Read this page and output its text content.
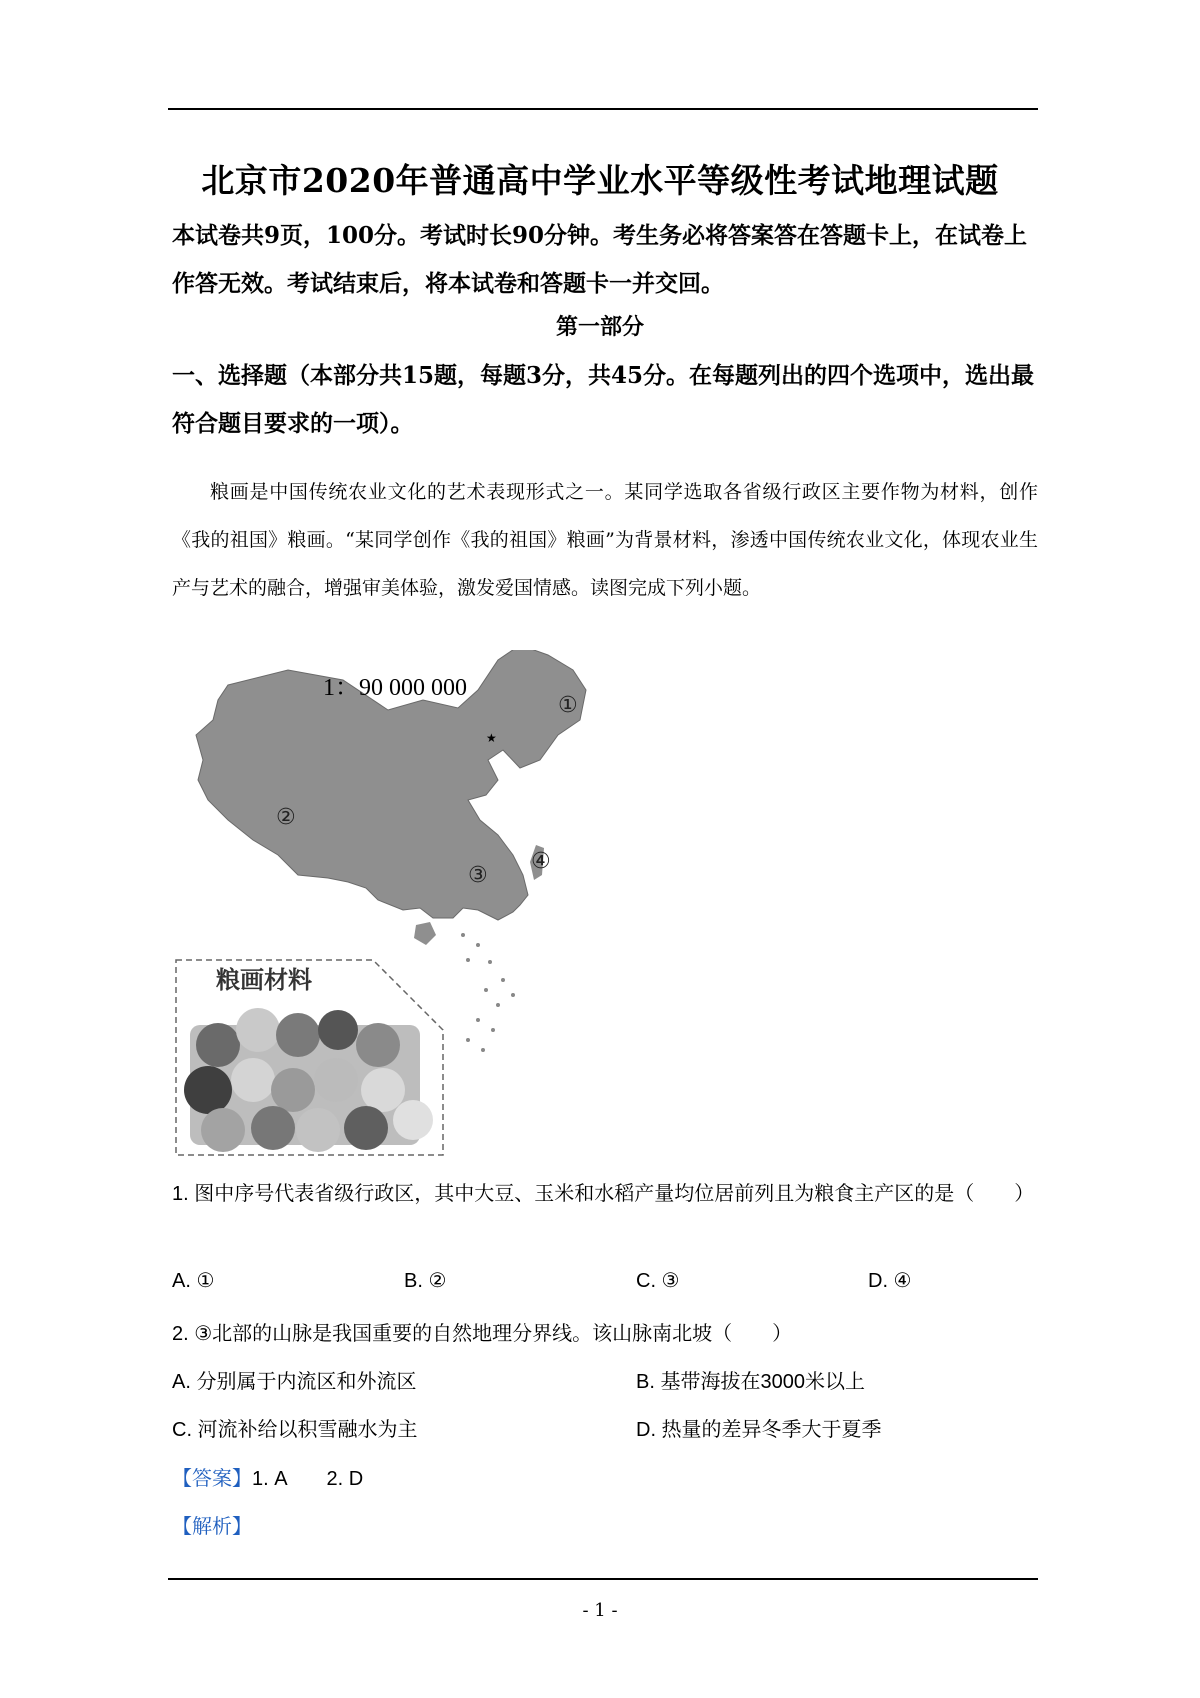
北京市2020年普通高中学业水平等级性考试地理试题
本试卷共9页，100分。考试时长90分钟。考生务必将答案答在答题卡上，在试卷上作答无效。考试结束后，将本试卷和答题卡一并交回。
第一部分
一、选择题（本部分共15题，每题3分，共45分。在每题列出的四个选项中，选出最符合题目要求的一项）。
粮画是中国传统农业文化的艺术表现形式之一。某同学选取各省级行政区主要作物为材料，创作《我的祖国》粮画。“某同学创作《我的祖国》粮画”为背景材料，渗透中国传统农业文化，体现农业生产与艺术的融合，增强审美体验，激发爱国情感。读图完成下列小题。
★
1：90 000 000
①
②
③
④
粮画材料
1. 图中序号代表省级行政区，其中大豆、玉米和水稻产量均位居前列且为粮食主产区的是（　　）
A. ①	B. ②	C. ③	D. ④
2. ③北部的山脉是我国重要的自然地理分界线。该山脉南北坡（　　）
A. 分别属于内流区和外流区	B. 基带海拔在3000米以上
C. 河流补给以积雪融水为主	D. 热量的差异冬季大于夏季
【答案】1. A　　2. D
【解析】
- 1 -
